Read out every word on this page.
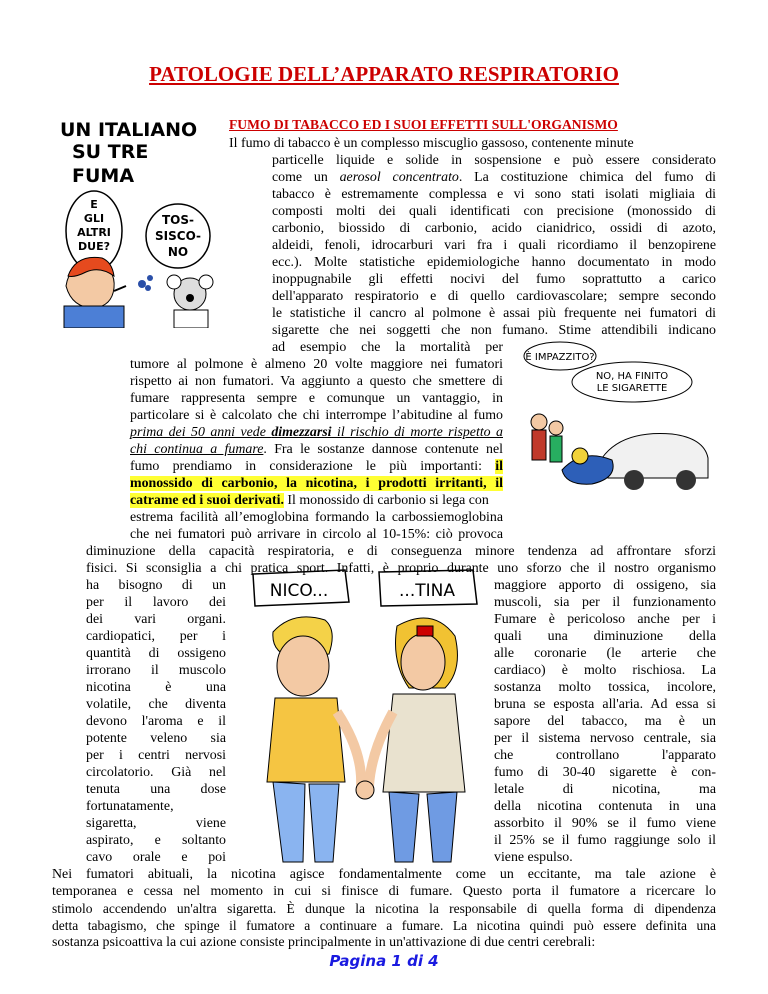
PATOLOGIE DELL’APPARATO RESPIRATORIO
FUMO DI TABACCO ED I SUOI EFFETTI SULL'ORGANISMO
UN ITALIANO
SU TRE
FUMA
E
GLI
ALTRI
DUE?
TOS-
SISCO-
NO
È IMPAZZITO?
NO, HA FINITO
LE SIGARETTE
NICO...	...TINA

Il fumo di tabacco è un complesso miscuglio gassoso, contenente minute

particelle liquide e solide in sospensione e può essere considerato

come un aerosol concentrato. La costituzione chimica del fumo di

tabacco è estremamente complessa e vi sono stati isolati migliaia di

composti molti dei quali identificati con precisione (monossido di

carbonio, biossido di carbonio, acido cianidrico, ossidi di azoto,

aldeidi, fenoli, idrocarburi vari fra i quali ricordiamo il benzopirene

ecc.). Molte statistiche epidemiologiche hanno documentato in modo

inoppugnabile gli effetti nocivi del fumo soprattutto a carico

dell'apparato respiratorio e di quello cardiovascolare; sempre secondo

le statistiche il cancro al polmone è assai più frequente nei fumatori di

sigarette che nei soggetti che non fumano. Stime attendibili indicano

ad esempio che la mortalità per

tumore al polmone è almeno 20 volte maggiore nei fumatori

rispetto ai non fumatori. Va aggiunto a questo che smettere di

fumare rappresenta sempre e comunque un vantaggio, in

particolare si è calcolato che chi interrompe l’abitudine al fumo

prima dei 50 anni vede dimezzarsi il rischio di morte rispetto a

chi continua a fumare. Fra le sostanze dannose contenute nel

fumo prendiamo in considerazione le più importanti: il

monossido di carbonio, la nicotina, i prodotti irritanti, il

catrame ed i suoi derivati. Il monossido di carbonio si lega con

estrema facilità all’emoglobina formando la carbossiemoglobina

che nei fumatori può arrivare in circolo al 10-15%: ciò provoca

diminuzione della capacità respiratoria, e di conseguenza minore tendenza ad affrontare sforzi

fisici. Si sconsiglia a chi pratica sport. Infatti, è proprio durante uno sforzo che il nostro organismo

ha bisogno di un

per il lavoro dei

dei vari organi.

cardiopatici, per i

quantità di ossigeno

irrorano il muscolo

nicotina è una

volatile, che diventa

devono l'aroma e il

potente veleno sia

per i centri nervosi

circolatorio. Già nel

tenuta una dose

fortunatamente,

sigaretta, viene

aspirato, e soltanto

cavo orale e poi

maggiore apporto di ossigeno, sia

muscoli, sia per il funzionamento

Fumare è pericoloso anche per i

quali una diminuzione della

alle coronarie (le arterie che

cardiaco) è molto rischiosa. La

sostanza molto tossica, incolore,

bruna se esposta all'aria. Ad essa si

sapore del tabacco, ma è un

per il sistema nervoso centrale, sia

che controllano l'apparato

fumo di 30-40 sigarette è con-

letale di nicotina, ma

della nicotina contenuta in una

assorbito il 90% se il fumo viene

il 25% se il fumo raggiunge solo il

viene espulso.

Nei fumatori abituali, la nicotina agisce fondamentalmente come un eccitante, ma tale azione è

temporanea e cessa nel momento in cui si finisce di fumare. Questo porta il fumatore a ricercare lo

stimolo accendendo un'altra sigaretta. È dunque la nicotina la responsabile di quella forma di dipendenza

detta tabagismo, che spinge il fumatore a continuare a fumare. La nicotina quindi può essere definita una

sostanza psicoattiva la cui azione consiste principalmente in un'attivazione di due centri cerebrali:

Pagina 1 di 4
